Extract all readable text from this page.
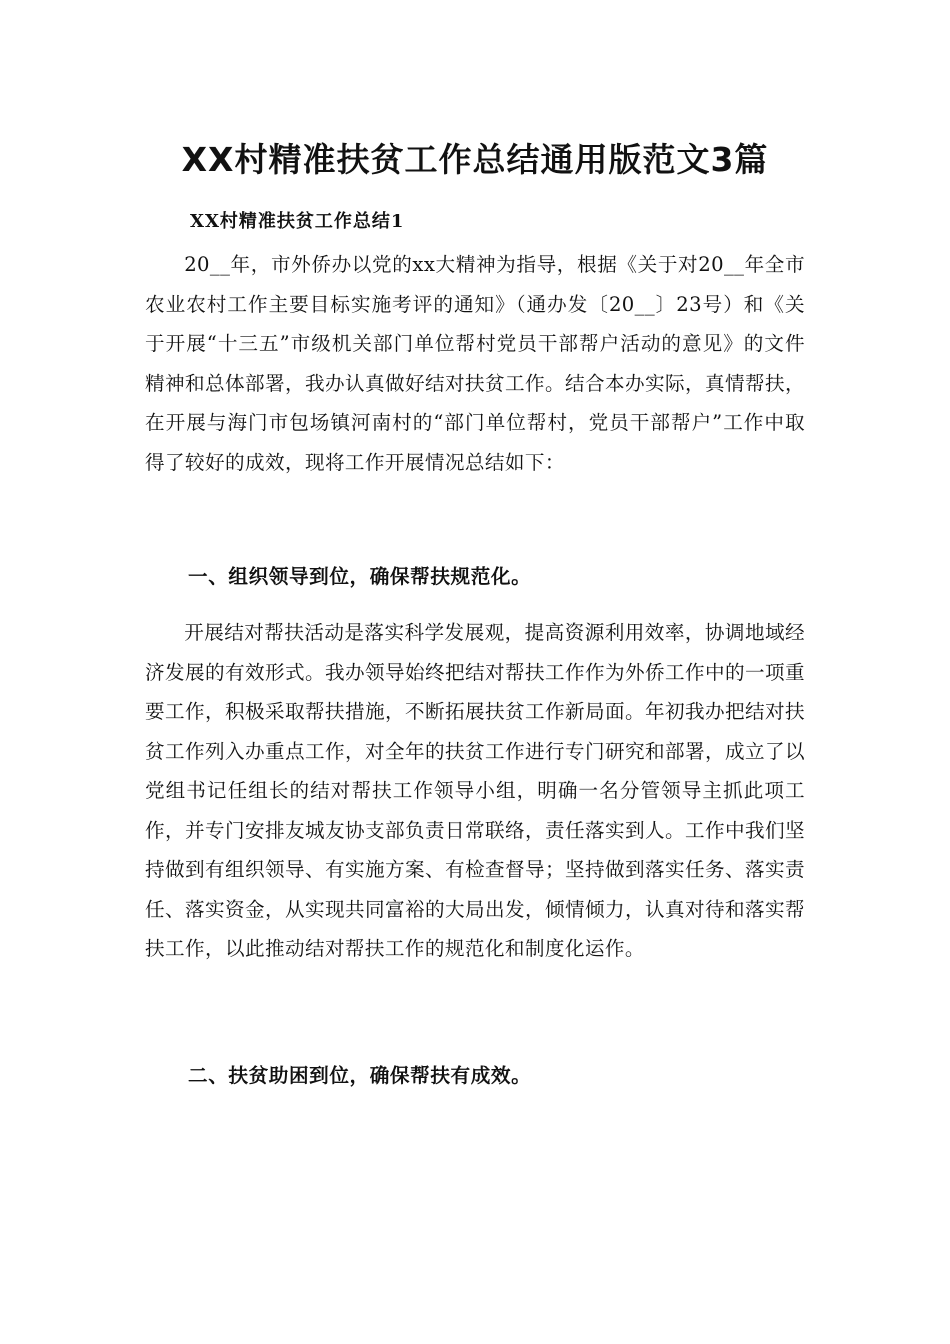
XX村精准扶贫工作总结通用版范文3篇

XX村精准扶贫工作总结1

20__年，市外侨办以党的xx大精神为指导，根据《关于对20__年全市农业农村工作主要目标实施考评的通知》（通办发〔20__〕23号）和《关于开展“十三五”市级机关部门单位帮村党员干部帮户活动的意见》的文件精神和总体部署，我办认真做好结对扶贫工作。结合本办实际，真情帮扶，在开展与海门市包场镇河南村的“部门单位帮村，党员干部帮户”工作中取得了较好的成效，现将工作开展情况总结如下：

一、组织领导到位，确保帮扶规范化。

开展结对帮扶活动是落实科学发展观，提高资源利用效率，协调地域经济发展的有效形式。我办领导始终把结对帮扶工作作为外侨工作中的一项重要工作，积极采取帮扶措施，不断拓展扶贫工作新局面。年初我办把结对扶贫工作列入办重点工作，对全年的扶贫工作进行专门研究和部署，成立了以党组书记任组长的结对帮扶工作领导小组，明确一名分管领导主抓此项工作，并专门安排友城友协支部负责日常联络，责任落实到人。工作中我们坚持做到有组织领导、有实施方案、有检查督导；坚持做到落实任务、落实责任、落实资金，从实现共同富裕的大局出发，倾情倾力，认真对待和落实帮扶工作，以此推动结对帮扶工作的规范化和制度化运作。

二、扶贫助困到位，确保帮扶有成效。
